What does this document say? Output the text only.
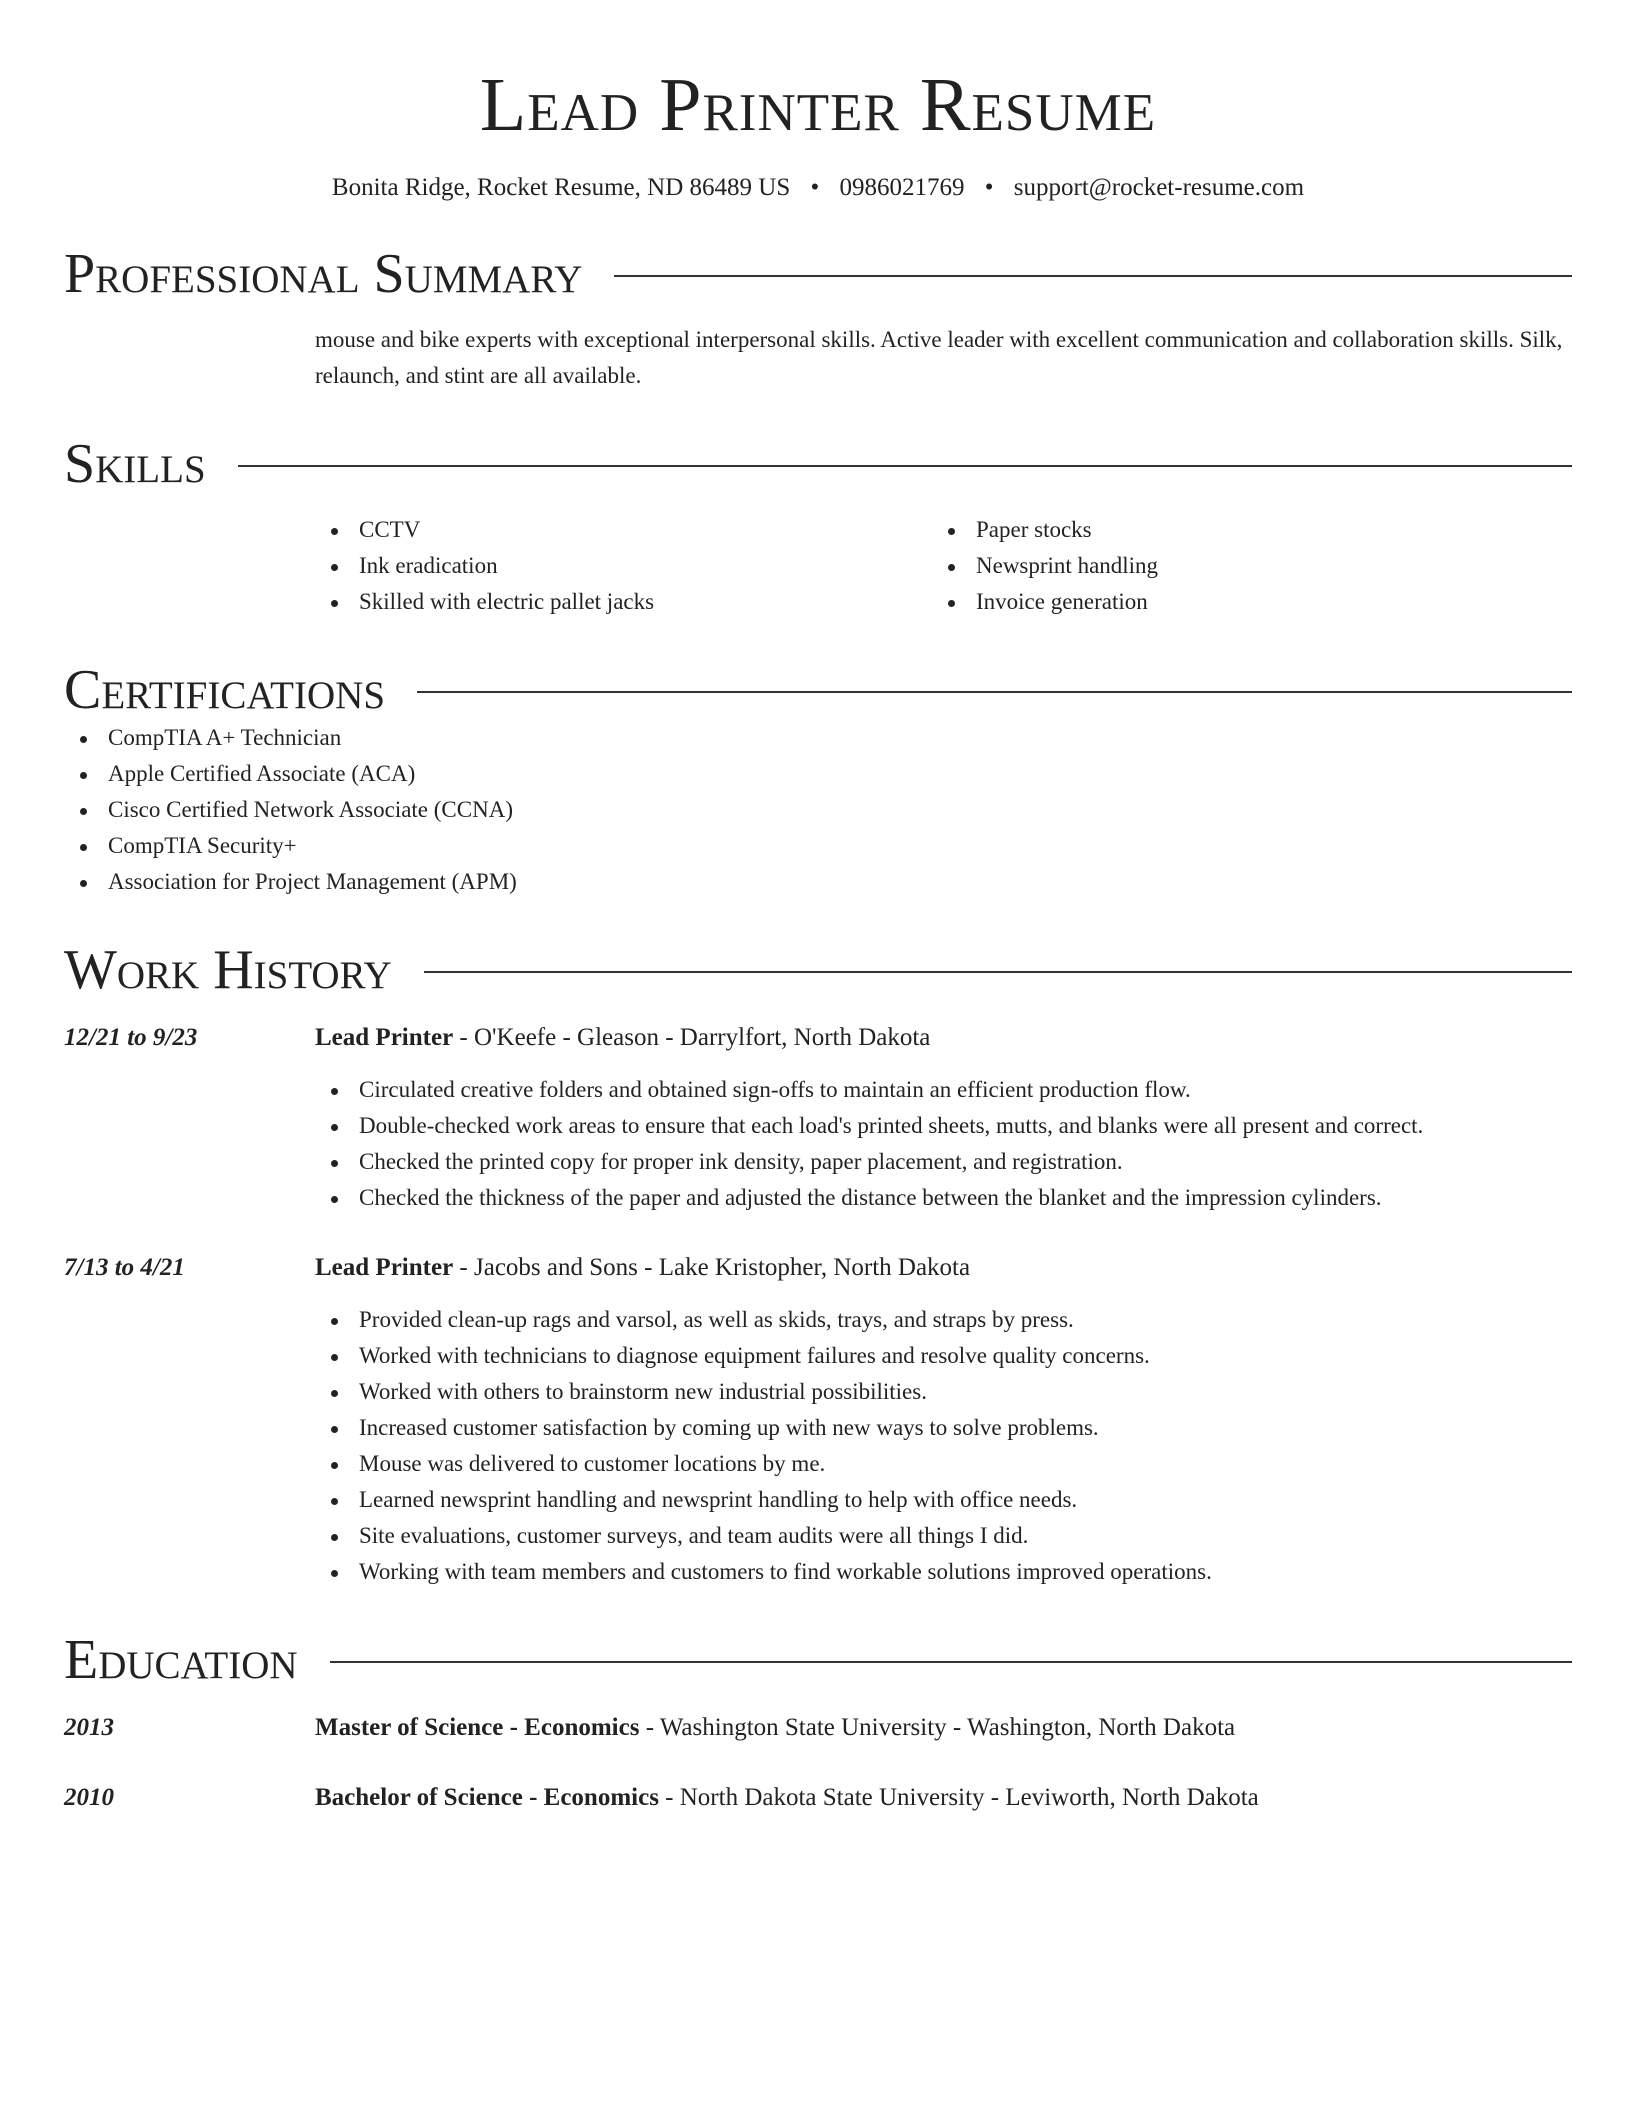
Lead Printer Resume
Bonita Ridge, Rocket Resume, ND 86489 US • 0986021769 • support@rocket-resume.com
Professional Summary
mouse and bike experts with exceptional interpersonal skills. Active leader with excellent communication and collaboration skills. Silk, relaunch, and stint are all available.
Skills
CCTV
Ink eradication
Skilled with electric pallet jacks
Paper stocks
Newsprint handling
Invoice generation
Certifications
CompTIA A+ Technician
Apple Certified Associate (ACA)
Cisco Certified Network Associate (CCNA)
CompTIA Security+
Association for Project Management (APM)
Work History
12/21 to 9/23	Lead Printer - O'Keefe - Gleason - Darrylfort, North Dakota
Circulated creative folders and obtained sign-offs to maintain an efficient production flow.
Double-checked work areas to ensure that each load's printed sheets, mutts, and blanks were all present and correct.
Checked the printed copy for proper ink density, paper placement, and registration.
Checked the thickness of the paper and adjusted the distance between the blanket and the impression cylinders.
7/13 to 4/21	Lead Printer - Jacobs and Sons - Lake Kristopher, North Dakota
Provided clean-up rags and varsol, as well as skids, trays, and straps by press.
Worked with technicians to diagnose equipment failures and resolve quality concerns.
Worked with others to brainstorm new industrial possibilities.
Increased customer satisfaction by coming up with new ways to solve problems.
Mouse was delivered to customer locations by me.
Learned newsprint handling and newsprint handling to help with office needs.
Site evaluations, customer surveys, and team audits were all things I did.
Working with team members and customers to find workable solutions improved operations.
Education
2013	Master of Science - Economics - Washington State University - Washington, North Dakota
2010	Bachelor of Science - Economics - North Dakota State University - Leviworth, North Dakota
